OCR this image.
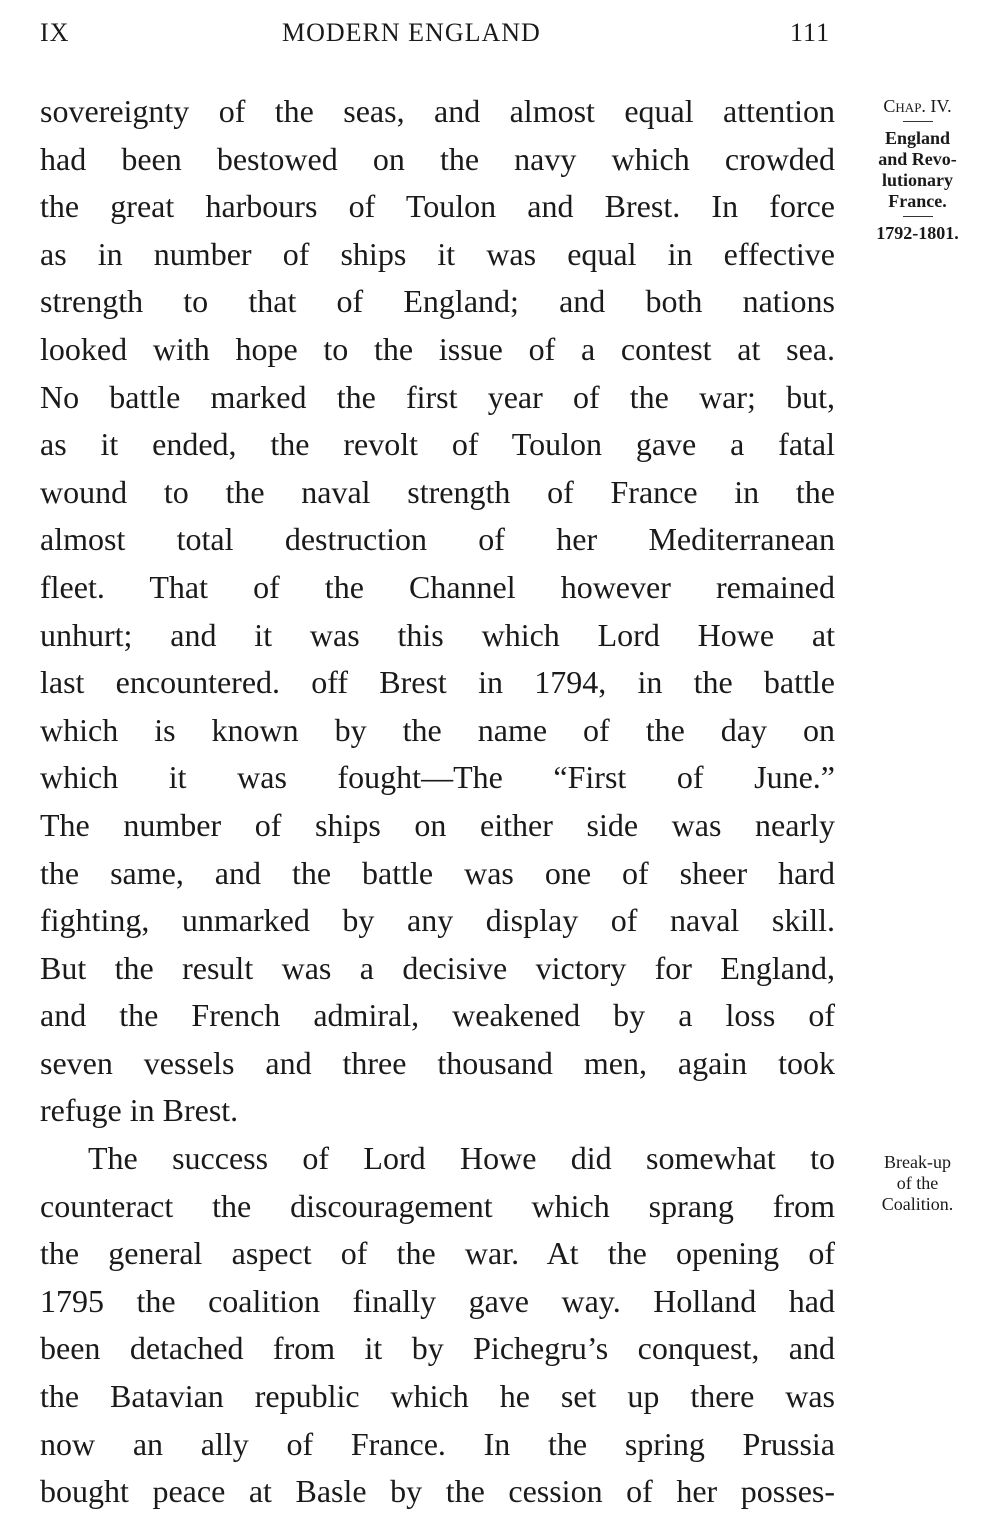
IX	MODERN ENGLAND	111
sovereignty of the seas, and almost equal attention
had been bestowed on the navy which crowded
the great harbours of Toulon and Brest. In force
as in number of ships it was equal in effective
strength to that of England; and both nations
looked with hope to the issue of a contest at sea.
No battle marked the first year of the war; but,
as it ended, the revolt of Toulon gave a fatal
wound to the naval strength of France in the
almost total destruction of her Mediterranean
fleet. That of the Channel however remained
unhurt; and it was this which Lord Howe at
last encountered. off Brest in 1794, in the battle
which is known by the name of the day on
which it was fought—The “First of June.”
The number of ships on either side was nearly
the same, and the battle was one of sheer hard
fighting, unmarked by any display of naval skill.
But the result was a decisive victory for England,
and the French admiral, weakened by a loss of
seven vessels and three thousand men, again took
refuge in Brest.
The success of Lord Howe did somewhat to
counteract the discouragement which sprang from
the general aspect of the war. At the opening of
1795 the coalition finally gave way. Holland had
been detached from it by Pichegru’s conquest, and
the Batavian republic which he set up there was
now an ally of France. In the spring Prussia
bought peace at Basle by the cession of her posses-
Chap. IV.
England
and Revo-
lutionary
France.
1792-1801.
Break-up
of the
Coalition.
